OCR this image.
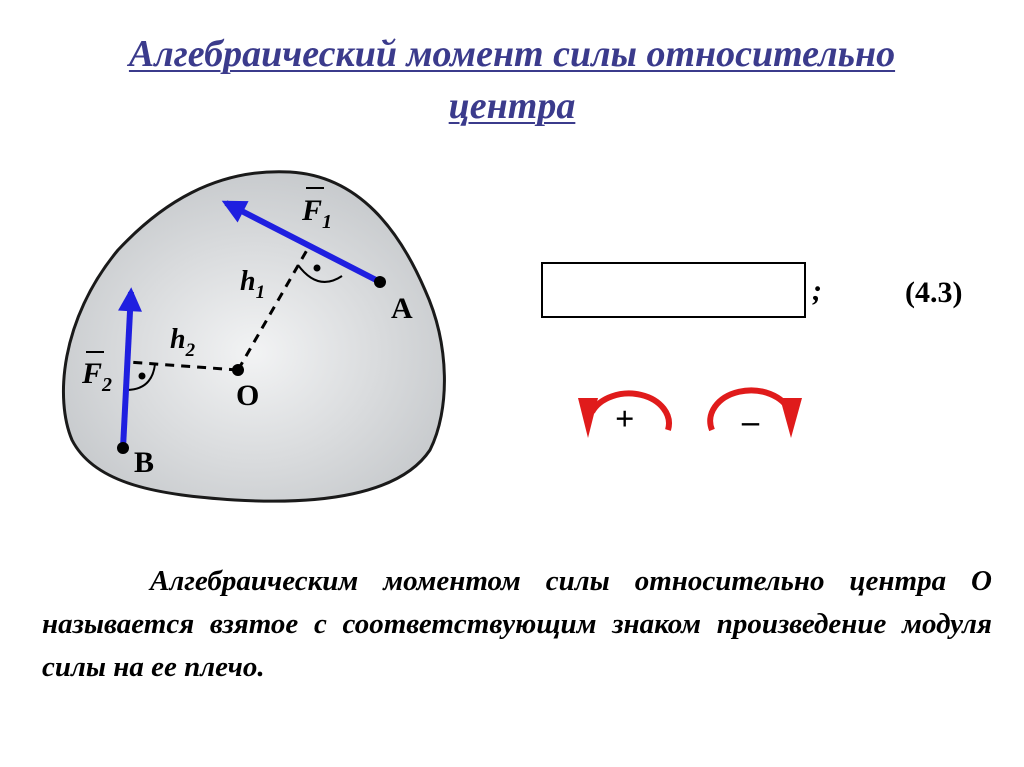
Алгебраический момент силы относительно
центра
$F_1$
$F_2$
$h_1$
$h_2$
A
B
O
;	(4.3)
+	–
Алгебраическим моментом силы относительно центра О называется взятое с соответствующим знаком произведение модуля силы на ее плечо.
